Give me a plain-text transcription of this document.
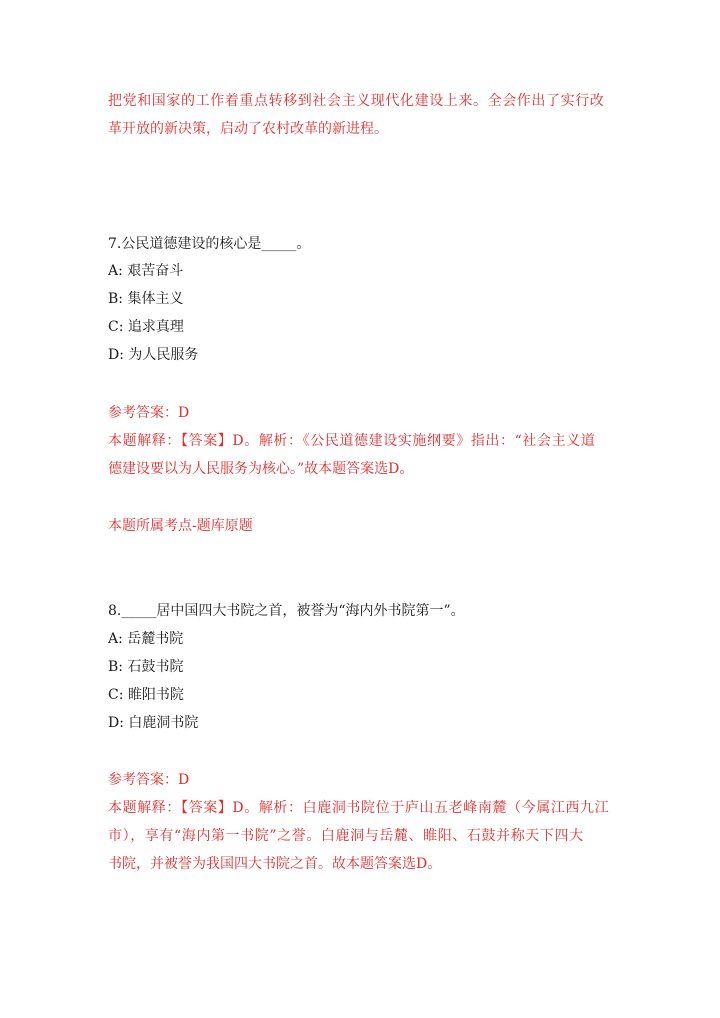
把党和国家的工作着重点转移到社会主义现代化建设上来。全会作出了实行改
革开放的新决策，启动了农村改革的新进程。
7.公民道德建设的核心是_____。
A: 艰苦奋斗
B: 集体主义
C: 追求真理
D: 为人民服务
参考答案：D
本题解释：【答案】D。解析：《公民道德建设实施纲要》指出：“社会主义道
德建设要以为人民服务为核心。”故本题答案选D。
本题所属考点-题库原题
8._____居中国四大书院之首，被誉为“海内外书院第一”。
A: 岳麓书院
B: 石鼓书院
C: 睢阳书院
D: 白鹿洞书院
参考答案：D
本题解释：【答案】D。解析：白鹿洞书院位于庐山五老峰南麓（今属江西九江
市），享有“海内第一书院”之誉。白鹿洞与岳麓、睢阳、石鼓并称天下四大
书院，并被誉为我国四大书院之首。故本题答案选D。
